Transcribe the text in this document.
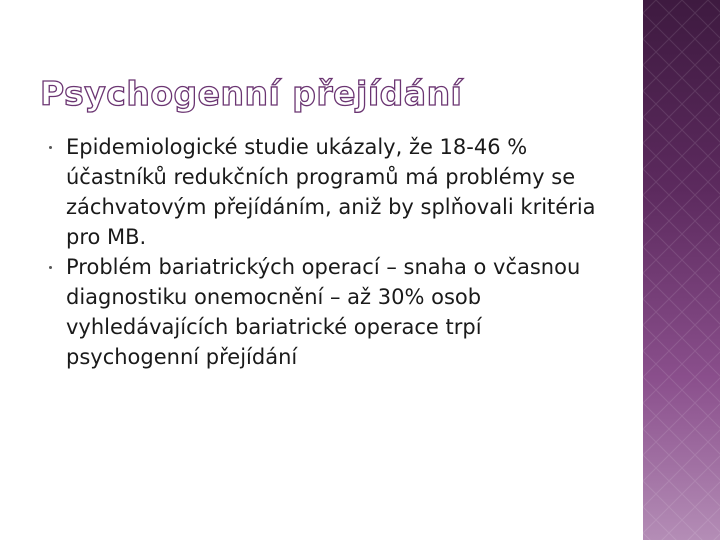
Psychogenní přejídání
Epidemiologické studie ukázaly, že 18-46 % účastníků redukčních programů má problémy se záchvatovým přejídáním, aniž by splňovali kritéria pro MB.
Problém bariatrických operací – snaha o včasnou diagnostiku onemocnění – až 30% osob vyhledávajících bariatrické operace trpí psychogenní přejídání
